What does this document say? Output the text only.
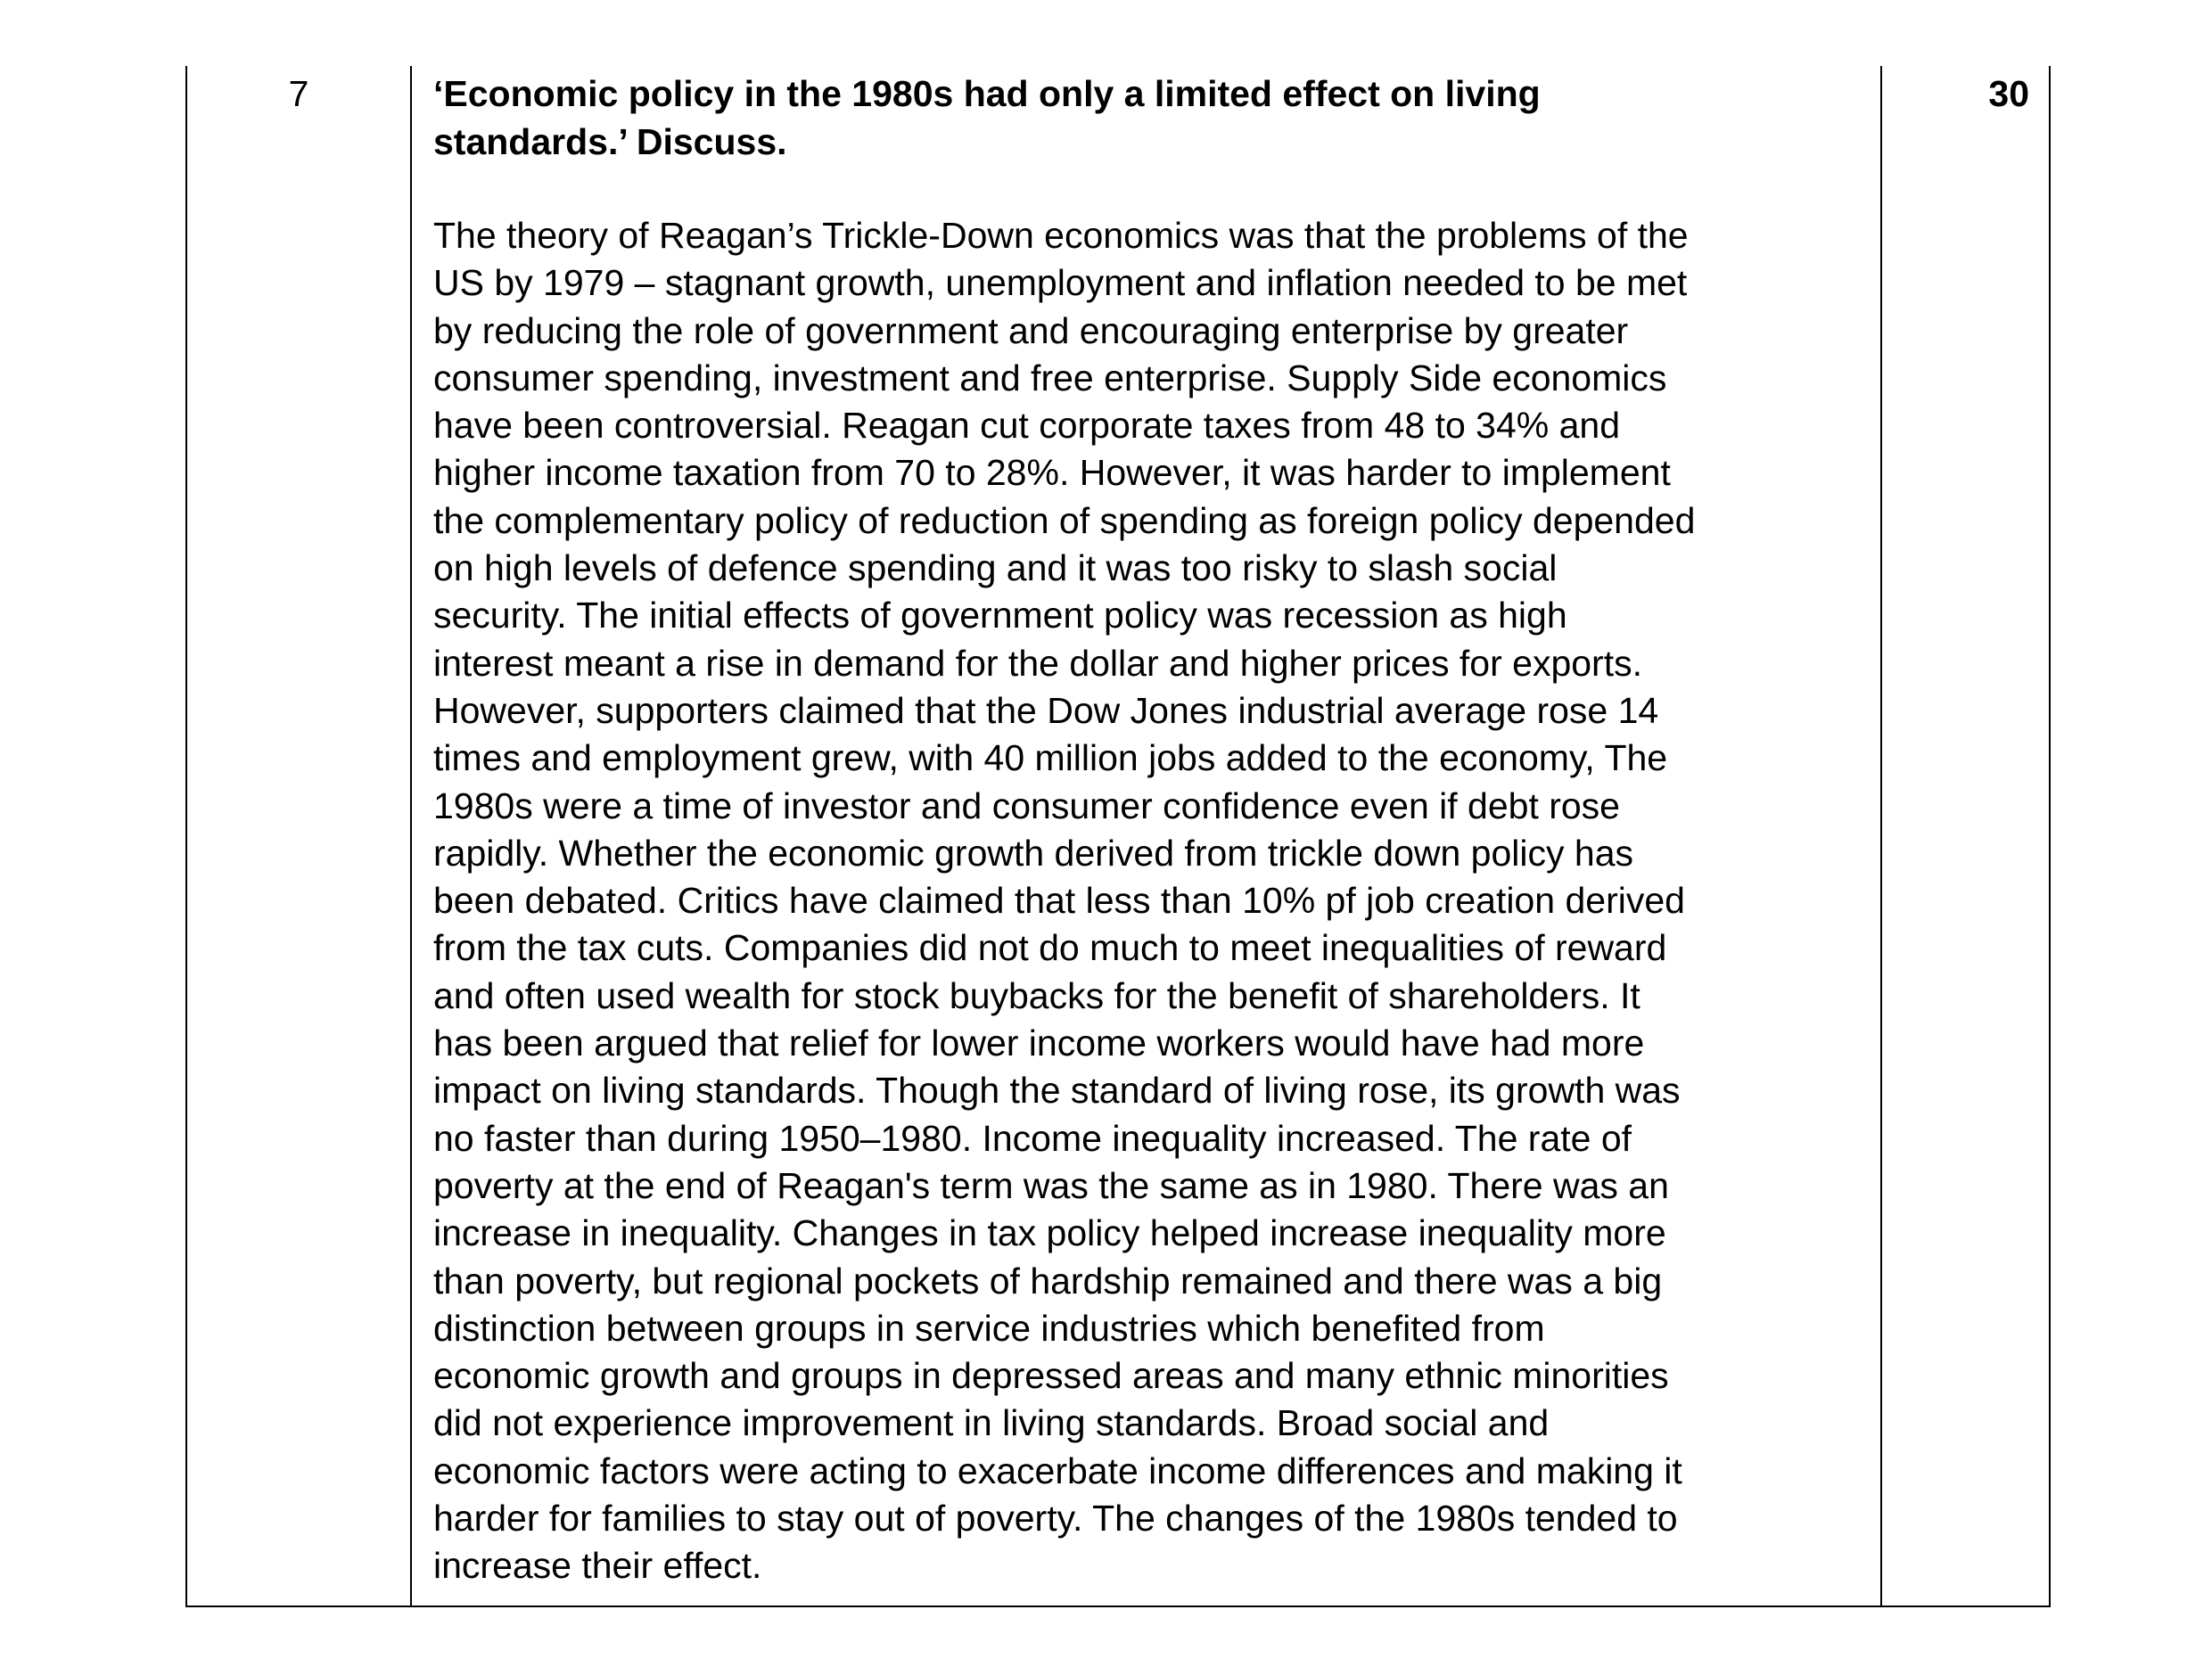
7	‘Economic policy in the 1980s had only a limited effect on living
standards.’ Discuss.

The theory of Reagan’s Trickle-Down economics was that the problems of the
US by 1979 – stagnant growth, unemployment and inflation needed to be met
by reducing the role of government and encouraging enterprise by greater
consumer spending, investment and free enterprise. Supply Side economics
have been controversial. Reagan cut corporate taxes from 48 to 34% and
higher income taxation from 70 to 28%. However, it was harder to implement
the complementary policy of reduction of spending as foreign policy depended
on high levels of defence spending and it was too risky to slash social
security. The initial effects of government policy was recession as high
interest meant a rise in demand for the dollar and higher prices for exports.
However, supporters claimed that the Dow Jones industrial average rose 14
times and employment grew, with 40 million jobs added to the economy, The
1980s were a time of investor and consumer confidence even if debt rose
rapidly. Whether the economic growth derived from trickle down policy has
been debated. Critics have claimed that less than 10% pf job creation derived
from the tax cuts. Companies did not do much to meet inequalities of reward
and often used wealth for stock buybacks for the benefit of shareholders. It
has been argued that relief for lower income workers would have had more
impact on living standards. Though the standard of living rose, its growth was
no faster than during 1950–1980. Income inequality increased. The rate of
poverty at the end of Reagan's term was the same as in 1980. There was an
increase in inequality. Changes in tax policy helped increase inequality more
than poverty, but regional pockets of hardship remained and there was a big
distinction between groups in service industries which benefited from
economic growth and groups in depressed areas and many ethnic minorities
did not experience improvement in living standards. Broad social and
economic factors were acting to exacerbate income differences and making it
harder for families to stay out of poverty. The changes of the 1980s tended to
increase their effect.
30
